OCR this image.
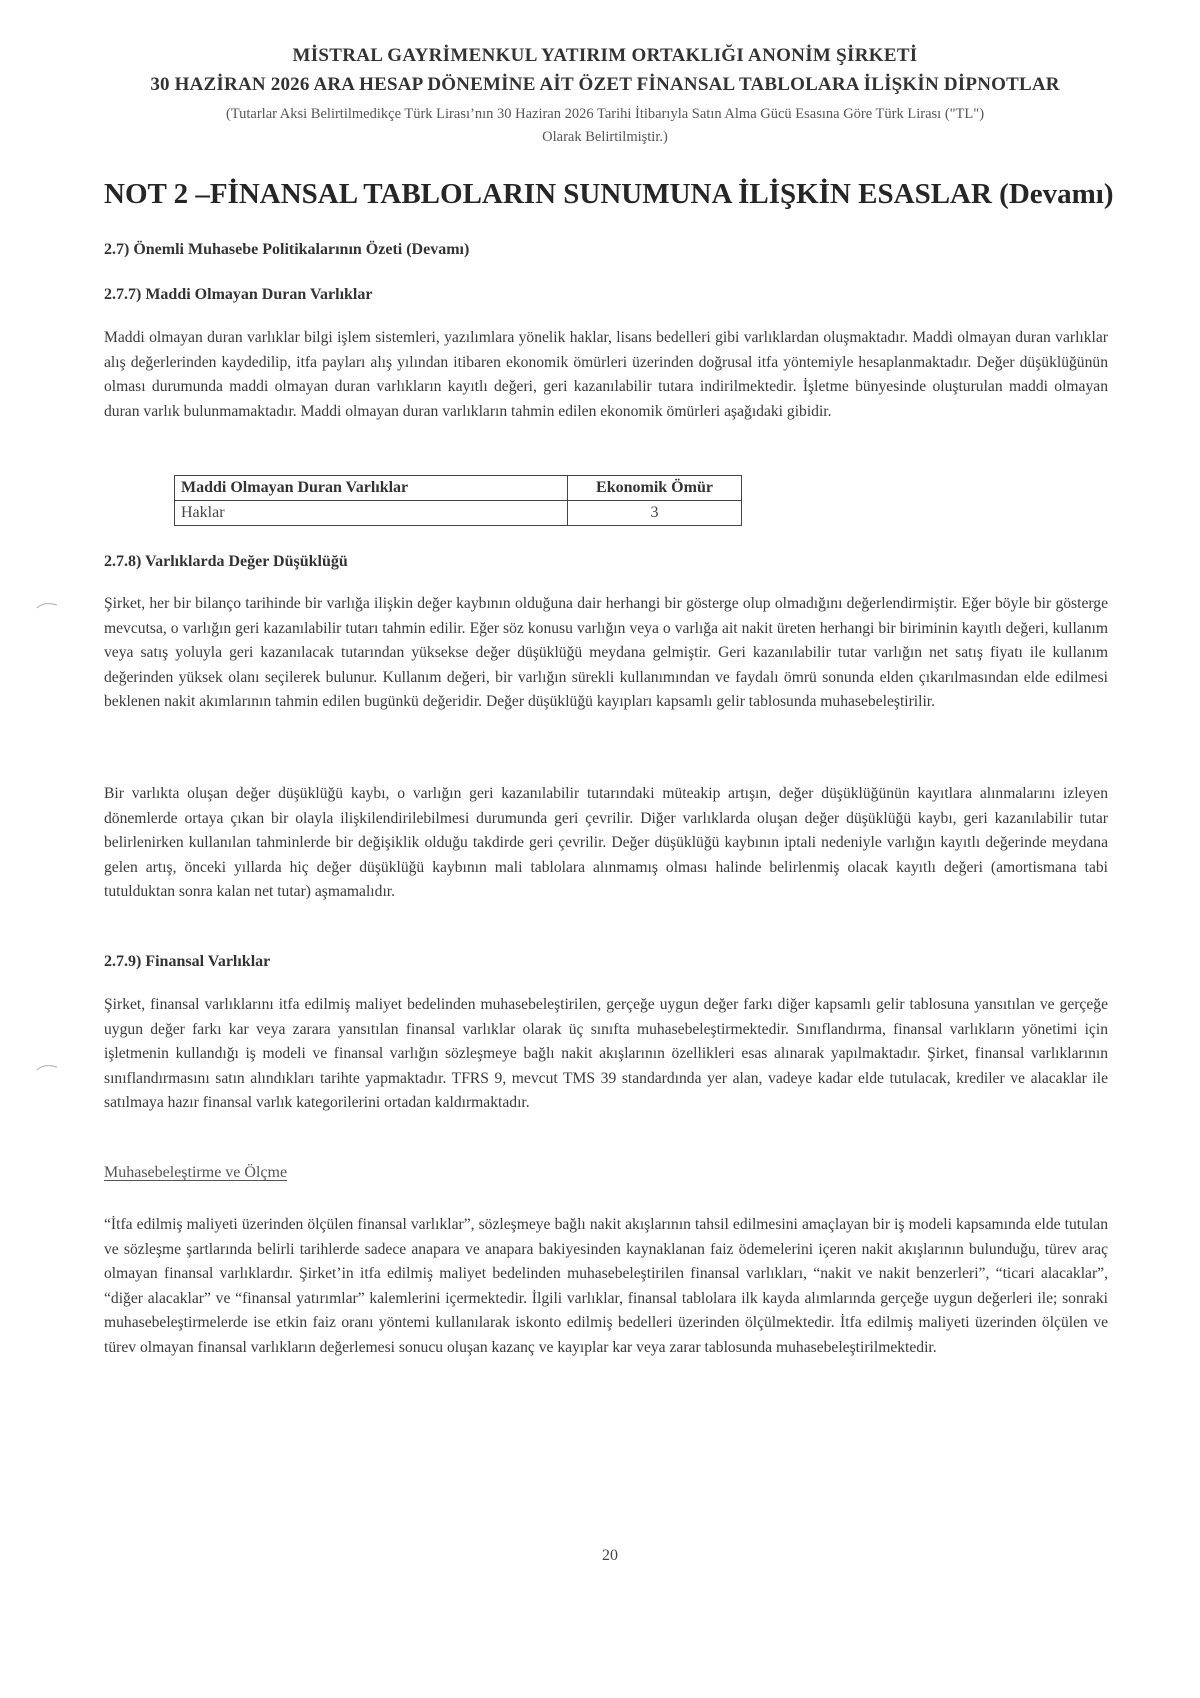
MİSTRAL GAYRİMENKUL YATIRIM ORTAKLIĞI ANONİM ŞİRKETİ
30 HAZİRAN 2026 ARA HESAP DÖNEMİNE AİT ÖZET FİNANSAL TABLOLARA İLİŞKİN DİPNOTLAR
(Tutarlar Aksi Belirtilmedikçe Türk Lirası’nın 30 Haziran 2026 Tarihi İtibarıyla Satın Alma Gücü Esasına Göre Türk Lirası ("TL")
Olarak Belirtilmiştir.)
NOT 2 –FİNANSAL TABLOLARIN SUNUMUNA İLİŞKİN ESASLAR (Devamı)
2.7) Önemli Muhasebe Politikalarının Özeti (Devamı)
2.7.7) Maddi Olmayan Duran Varlıklar

Maddi olmayan duran varlıklar bilgi işlem sistemleri, yazılımlara yönelik haklar, lisans bedelleri gibi varlıklardan oluşmaktadır. Maddi olmayan duran varlıklar alış değerlerinden kaydedilip, itfa payları alış yılından itibaren ekonomik ömürleri üzerinden doğrusal itfa yöntemiyle hesaplanmaktadır. Değer düşüklüğünün olması durumunda maddi olmayan duran varlıkların kayıtlı değeri, geri kazanılabilir tutara indirilmektedir. İşletme bünyesinde oluşturulan maddi olmayan duran varlık bulunmamaktadır. Maddi olmayan duran varlıkların tahmin edilen ekonomik ömürleri aşağıdaki gibidir.

Maddi Olmayan Duran Varlıklar	Ekonomik Ömür
Haklar	3
2.7.8) Varlıklarda Değer Düşüklüğü

Şirket, her bir bilanço tarihinde bir varlığa ilişkin değer kaybının olduğuna dair herhangi bir gösterge olup olmadığını değerlendirmiştir. Eğer böyle bir gösterge mevcutsa, o varlığın geri kazanılabilir tutarı tahmin edilir. Eğer söz konusu varlığın veya o varlığa ait nakit üreten herhangi bir biriminin kayıtlı değeri, kullanım veya satış yoluyla geri kazanılacak tutarından yüksekse değer düşüklüğü meydana gelmiştir. Geri kazanılabilir tutar varlığın net satış fiyatı ile kullanım değerinden yüksek olanı seçilerek bulunur. Kullanım değeri, bir varlığın sürekli kullanımından ve faydalı ömrü sonunda elden çıkarılmasından elde edilmesi beklenen nakit akımlarının tahmin edilen bugünkü değeridir. Değer düşüklüğü kayıpları kapsamlı gelir tablosunda muhasebeleştirilir.

Bir varlıkta oluşan değer düşüklüğü kaybı, o varlığın geri kazanılabilir tutarındaki müteakip artışın, değer düşüklüğünün kayıtlara alınmalarını izleyen dönemlerde ortaya çıkan bir olayla ilişkilendirilebilmesi durumunda geri çevrilir. Diğer varlıklarda oluşan değer düşüklüğü kaybı, geri kazanılabilir tutar belirlenirken kullanılan tahminlerde bir değişiklik olduğu takdirde geri çevrilir. Değer düşüklüğü kaybının iptali nedeniyle varlığın kayıtlı değerinde meydana gelen artış, önceki yıllarda hiç değer düşüklüğü kaybının mali tablolara alınmamış olması halinde belirlenmiş olacak kayıtlı değeri (amortismana tabi tutulduktan sonra kalan net tutar) aşmamalıdır.

2.7.9) Finansal Varlıklar

Şirket, finansal varlıklarını itfa edilmiş maliyet bedelinden muhasebeleştirilen, gerçeğe uygun değer farkı diğer kapsamlı gelir tablosuna yansıtılan ve gerçeğe uygun değer farkı kar veya zarara yansıtılan finansal varlıklar olarak üç sınıfta muhasebeleştirmektedir. Sınıflandırma, finansal varlıkların yönetimi için işletmenin kullandığı iş modeli ve finansal varlığın sözleşmeye bağlı nakit akışlarının özellikleri esas alınarak yapılmaktadır. Şirket, finansal varlıklarının sınıflandırmasını satın alındıkları tarihte yapmaktadır. TFRS 9, mevcut TMS 39 standardında yer alan, vadeye kadar elde tutulacak, krediler ve alacaklar ile satılmaya hazır finansal varlık kategorilerini ortadan kaldırmaktadır.

Muhasebeleştirme ve Ölçme

“İtfa edilmiş maliyeti üzerinden ölçülen finansal varlıklar”, sözleşmeye bağlı nakit akışlarının tahsil edilmesini amaçlayan bir iş modeli kapsamında elde tutulan ve sözleşme şartlarında belirli tarihlerde sadece anapara ve anapara bakiyesinden kaynaklanan faiz ödemelerini içeren nakit akışlarının bulunduğu, türev araç olmayan finansal varlıklardır. Şirket’in itfa edilmiş maliyet bedelinden muhasebeleştirilen finansal varlıkları, “nakit ve nakit benzerleri”, “ticari alacaklar”, “diğer alacaklar” ve “finansal yatırımlar” kalemlerini içermektedir. İlgili varlıklar, finansal tablolara ilk kayda alımlarında gerçeğe uygun değerleri ile; sonraki muhasebeleştirmelerde ise etkin faiz oranı yöntemi kullanılarak iskonto edilmiş bedelleri üzerinden ölçülmektedir. İtfa edilmiş maliyeti üzerinden ölçülen ve türev olmayan finansal varlıkların değerlemesi sonucu oluşan kazanç ve kayıplar kar veya zarar tablosunda muhasebeleştirilmektedir.

20
